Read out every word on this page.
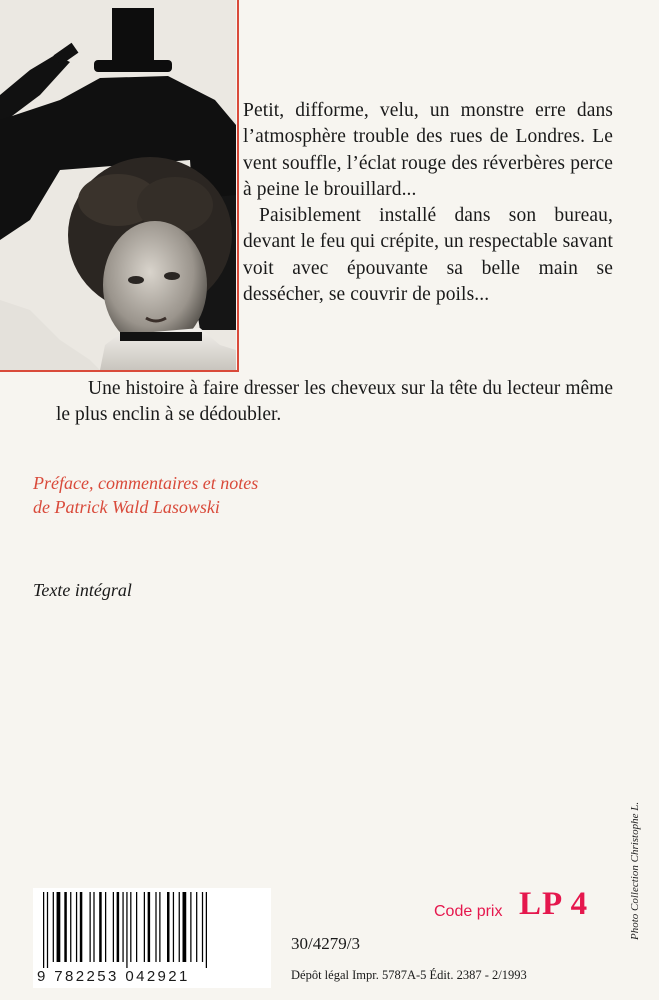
Petit, difforme, velu, un monstre erre dans l’atmosphère trouble des rues de Londres. Le vent souffle, l’éclat rouge des réverbères perce à peine le brouillard...

Paisiblement installé dans son bureau, devant le feu qui crépite, un respectable savant voit avec épouvante sa belle main se dessécher, se couvrir de poils...

Une histoire à faire dresser les cheveux sur la tête du lecteur même le plus enclin à se dédoubler.
Préface, commentaires et notes
de Patrick Wald Lasowski
Texte intégral
Photo Collection Christophe L.
9 782253 042921
Code prix LP 4
30/4279/3
Dépôt légal Impr. 5787A-5 Édit. 2387 - 2/1993
